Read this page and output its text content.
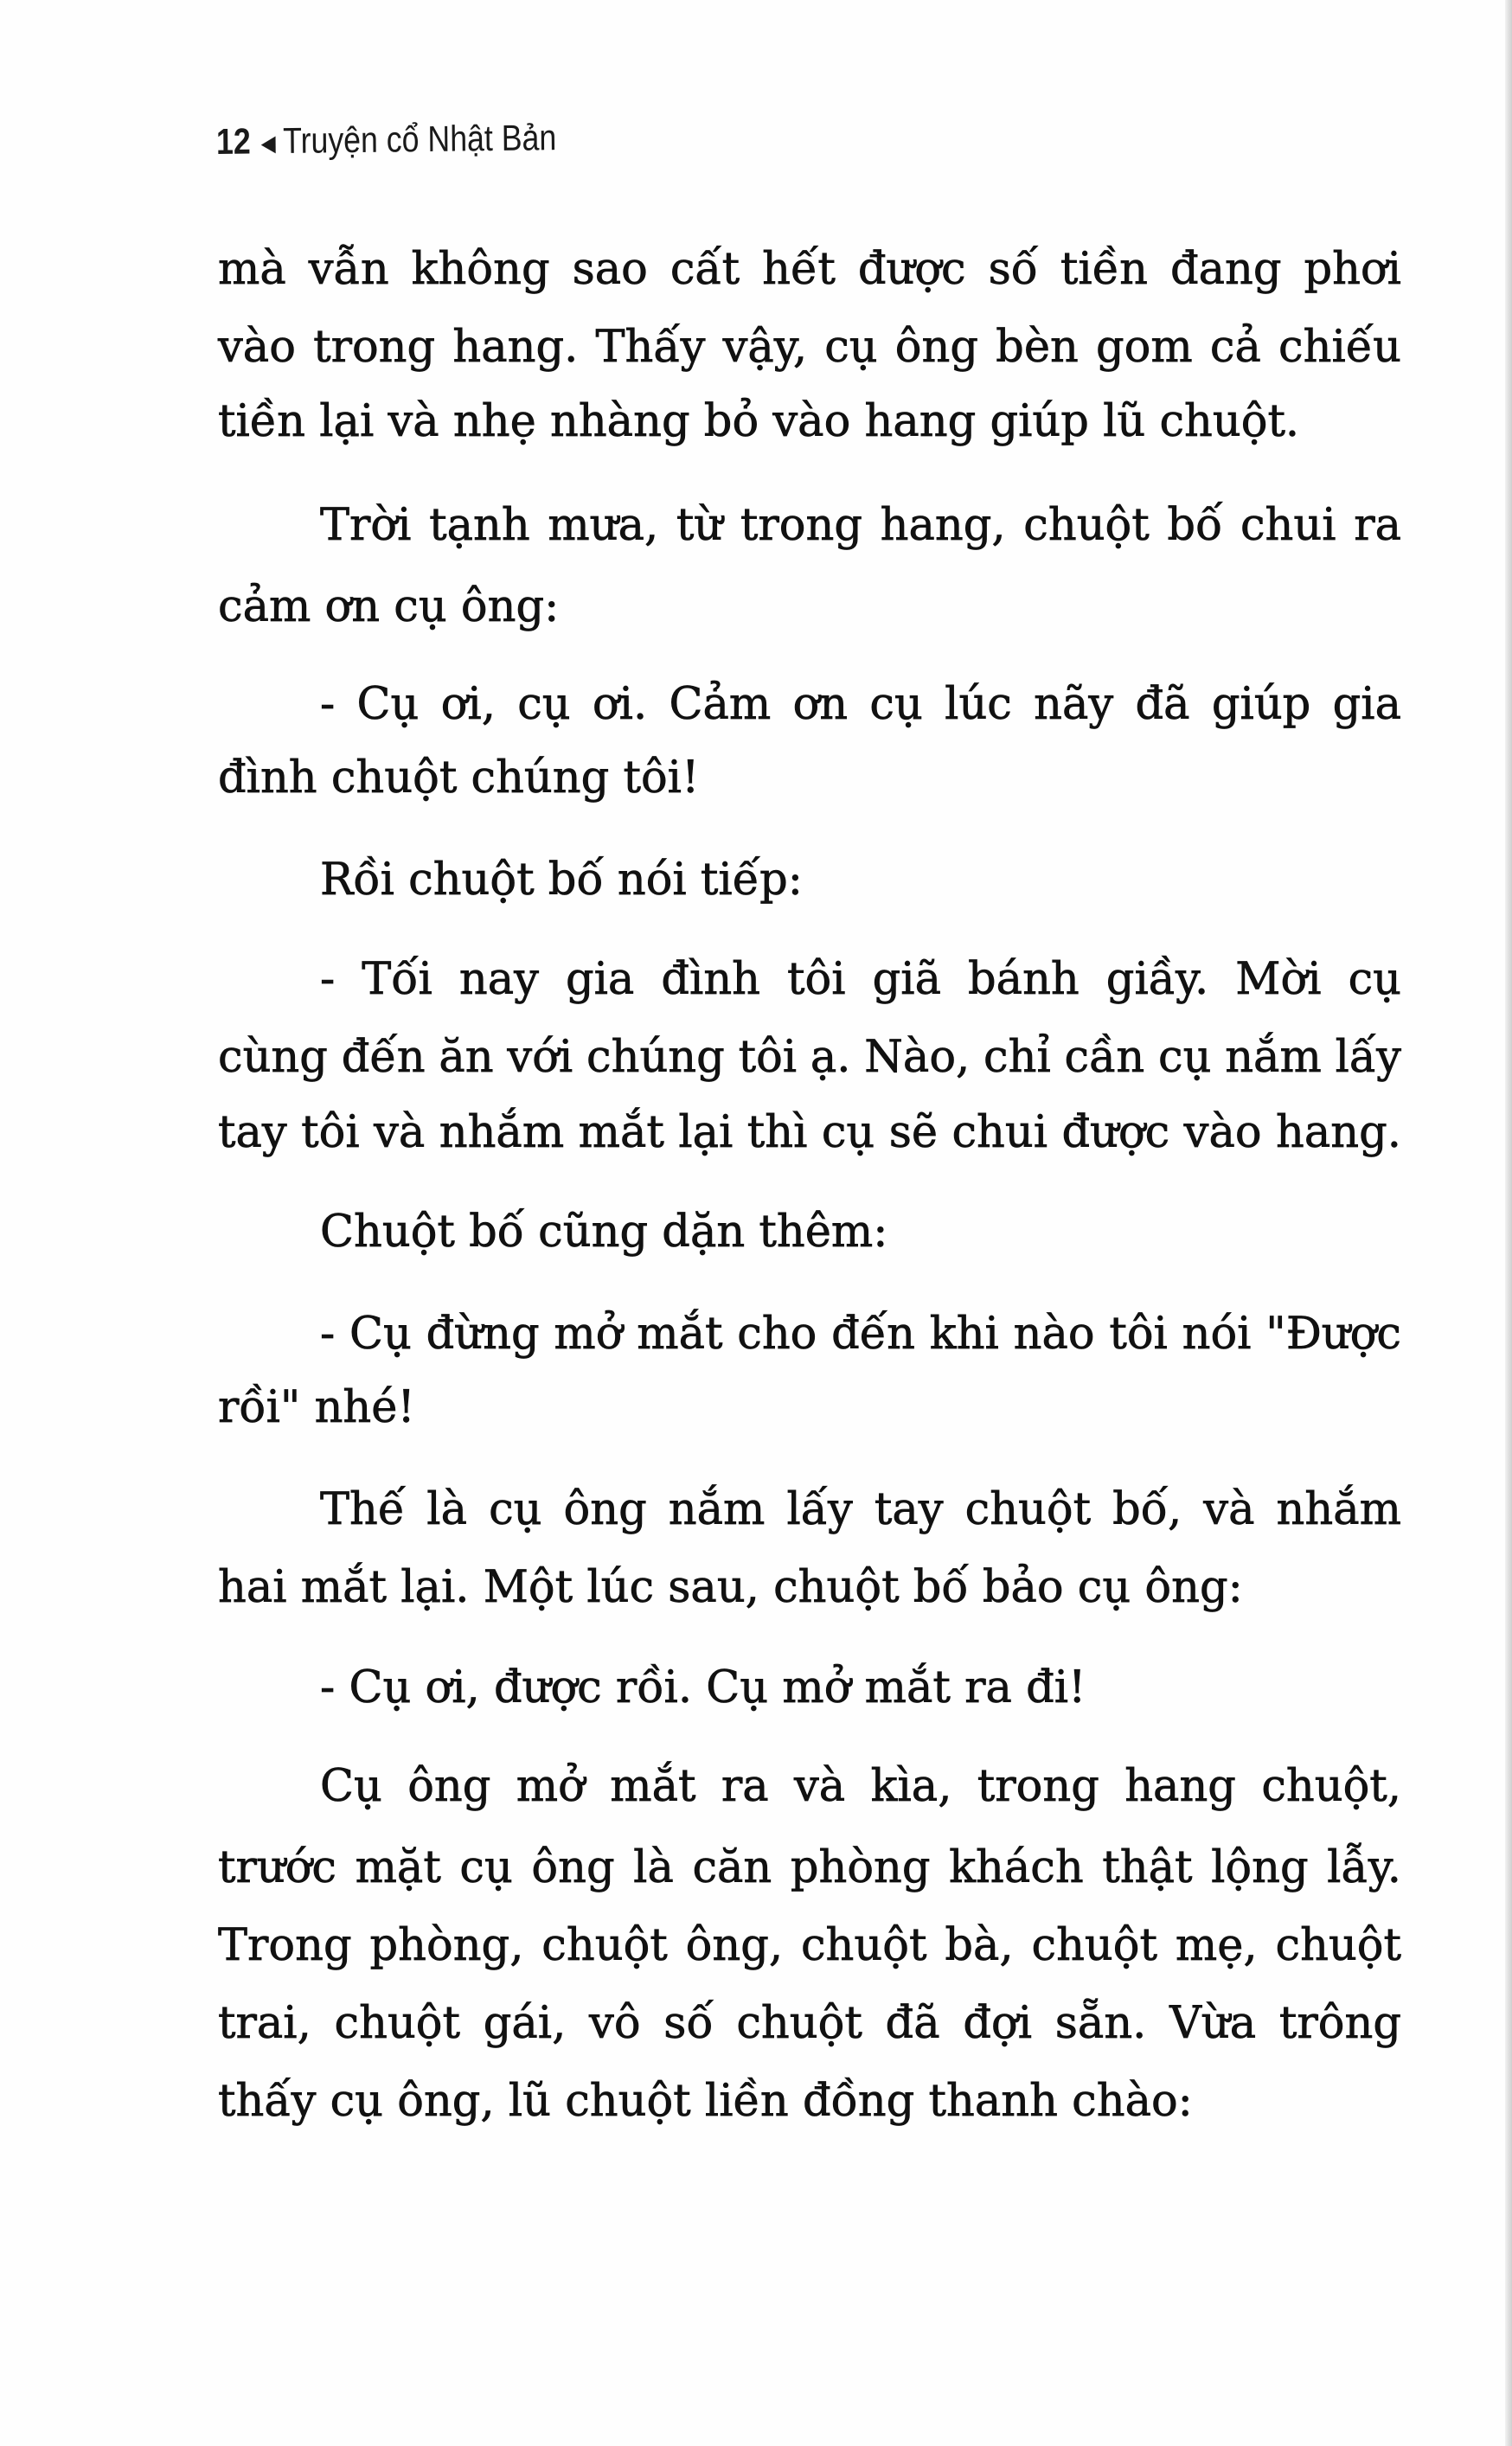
12 ◀ Truyện cổ Nhật Bản
mà vẫn không sao cất hết được số tiền đang phơi
vào trong hang. Thấy vậy, cụ ông bèn gom cả chiếu
tiền lại và nhẹ nhàng bỏ vào hang giúp lũ chuột.
Trời tạnh mưa, từ trong hang, chuột bố chui ra
cảm ơn cụ ông:
- Cụ ơi, cụ ơi. Cảm ơn cụ lúc nãy đã giúp gia
đình chuột chúng tôi!
Rồi chuột bố nói tiếp:
- Tối nay gia đình tôi giã bánh giầy. Mời cụ
cùng đến ăn với chúng tôi ạ. Nào, chỉ cần cụ nắm lấy
tay tôi và nhắm mắt lại thì cụ sẽ chui được vào hang.
Chuột bố cũng dặn thêm:
- Cụ đừng mở mắt cho đến khi nào tôi nói "Được
rồi" nhé!
Thế là cụ ông nắm lấy tay chuột bố, và nhắm
hai mắt lại. Một lúc sau, chuột bố bảo cụ ông:
- Cụ ơi, được rồi. Cụ mở mắt ra đi!
Cụ ông mở mắt ra và kìa, trong hang chuột,
trước mặt cụ ông là căn phòng khách thật lộng lẫy.
Trong phòng, chuột ông, chuột bà, chuột mẹ, chuột
trai, chuột gái, vô số chuột đã đợi sẵn. Vừa trông
thấy cụ ông, lũ chuột liền đồng thanh chào:
